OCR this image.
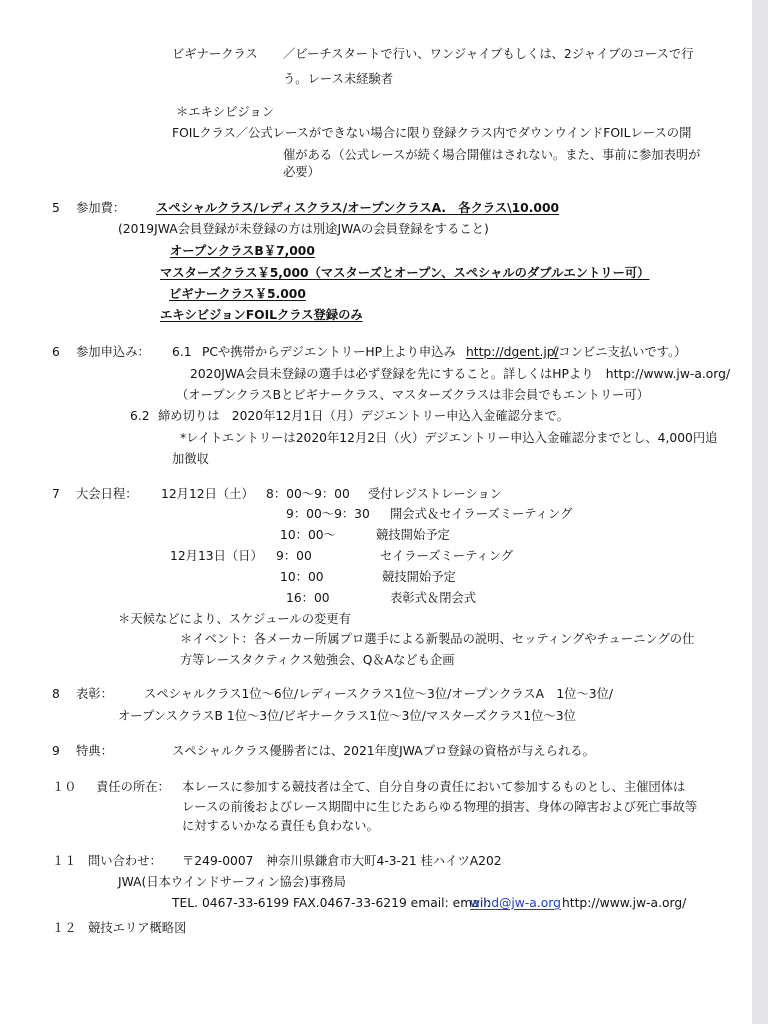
ビギナークラス ／ビーチスタートで行い、ワンジャイブもしくは、2ジャイブのコースで行
う。レース未経験者
＊エキシビジョン
FOILクラス／公式レースができない場合に限り登録クラス内でダウンウインドFOILレースの開
催がある（公式レースが続く場合開催はされない。また、事前に参加表明が
必要）
5 参加費：	スペシャルクラス/レディスクラス/オープンクラスA.　各クラス\10.000
(2019JWA会員登録が未登録の方は別途JWAの会員登録をすること)
オープンクラスB￥7,000
マスターズクラス￥5,000（マスターズとオープン、スペシャルのダブルエントリー可）
ビギナークラス￥5.000
エキシビジョンFOILクラス登録のみ
6 参加申込み： 6.1 PCや携帯からデジエントリーHP上より申込み http://dgent.jp/
（コンビニ支払いです。）
2020JWA会員未登録の選手は必ず登録を先にすること。詳しくはHPより　http://www.jw-a.org/
（オープンクラスBとビギナークラス、マスターズクラスは非会員でもエントリー可）
6.2 締め切りは　2020年12月1日（月）デジエントリー申込入金確認分まで。
*レイトエントリーは2020年12月2日（火）デジエントリー申込入金確認分までとし、4,000円追
加徴収
7 大会日程： 12月12日（土） 8：00〜9：00 受付レジストレーション
9：00〜9：30 開会式＆セイラーズミーティング
10：00〜	競技開始予定
12月13日（日） 9：00	セイラーズミーティング
10：00	競技開始予定
16：00	表彰式＆閉会式
＊天候などにより、スケジュールの変更有
＊イベント：各メーカー所属プロ選手による新製品の説明、セッティングやチューニングの仕
方等レースタクティクス勉強会、Q＆Aなども企画
8 表彰：	スペシャルクラス1位〜6位/レディースクラス1位〜3位/オープンクラスA　1位〜3位/
オープンスクラスB 1位〜3位/ビギナークラス1位〜3位/マスターズクラス1位〜3位
9 特典：	スペシャルクラス優勝者には、2021年度JWAプロ登録の資格が与えられる。
１０ 責任の所在： 本レースに参加する競技者は全て、自分自身の責任において参加するものとし、主催団体は
レースの前後およびレース期間中に生じたあらゆる物理的損害、身体の障害および死亡事故等
に対するいかなる責任も負わない。
１１ 問い合わせ： 〒249-0007　神奈川県鎌倉市大町4-3-21 桂ハイツA202
JWA(日本ウインドサーフィン協会)事務局
TEL. 0467-33-6199 FAX.0467-33-6219 email: email:
wind@jw-a.org http://www.jw-a.org/
１２ 競技エリア概略図
